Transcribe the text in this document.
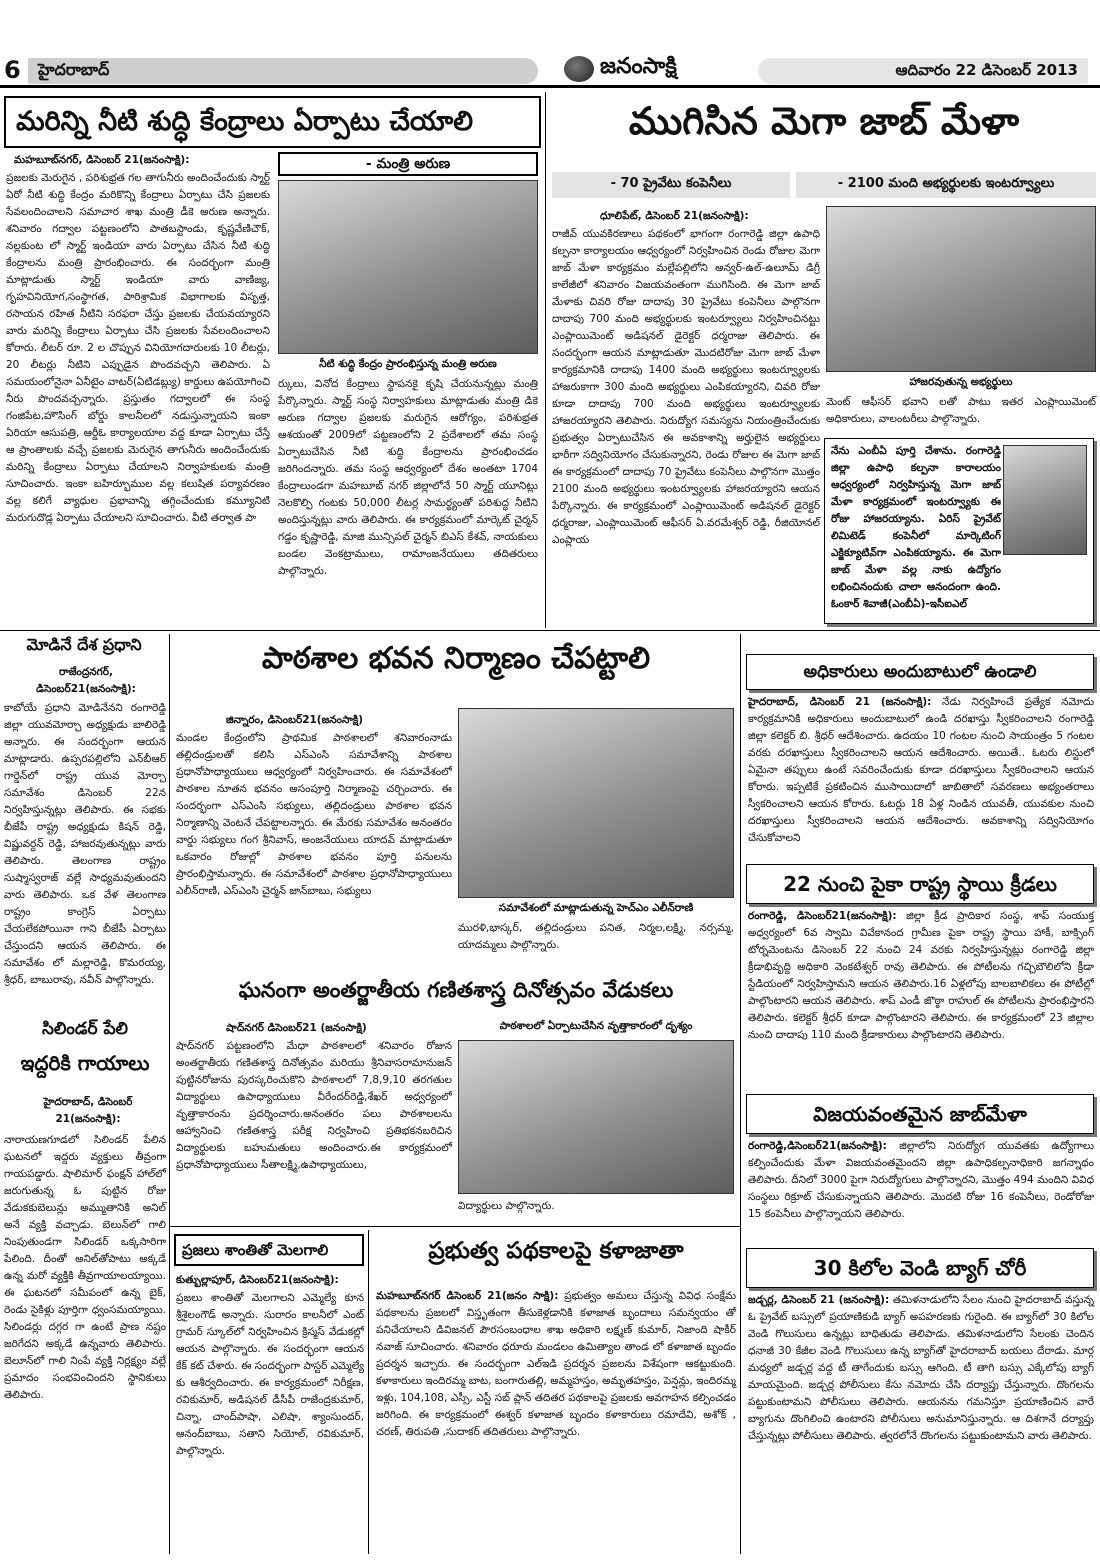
6	హైదరాబాద్	జనంసాక్షి	ఆదివారం 22 డిసెంబర్ 2013
మరిన్ని నీటి శుద్ధి కేంద్రాలు ఏర్పాటు చేయాలి
మహబూబ్‌నగర్, డిసెంబర్ 21(జనంసాక్షి):
ప్రజలకు మెరుగైన , పరిశుభ్రత గల తాగునీరు అందించేందుకు స్మార్ట్ ఏరో నీటి శుద్ధి కేంద్రం మరికొన్ని కేంద్రాలు ఏర్పాటు చేసి ప్రజలకు సేవలందించాలని సమాచార శాఖ మంత్రి డీకె అరుణ అన్నారు. శనివారం గద్వాల పట్టణంలోని పాతబస్టాండు, కృష్ణవేణిచౌక్, నల్లకుంట లో స్మార్ట్ ఇండియా వారు ఏర్పాటు చేసిన నీటి శుద్ధి కేంద్రాలను మంత్రి ప్రారంభించారు. ఈ సందర్భంగా మంత్రి మాట్లాడుతు స్మార్ట్ ఇండియా వారు వాణిజ్య, గృహవినియోగ,సంస్థాగత, పారిశ్రామిక విభాగాలకు విసృత్త, రసాయన రహిత నీటిని సరఫరా చేస్తు ప్రజలకు చేయవయ్యారని వారు మరిన్ని కేంద్రాలు ఏర్పాటు చేసి ప్రజలకు సేవలందించాలని కోరారు. లీటర్ రూ. 2 ల చొప్పున వినియోగదారులకు 10 లీటర్లు, 20 లీటర్లు నీటిని ఎప్పుడైన పొందవచ్చని తెలిపారు. ఏ సమయంలోనైనా ఏనీటైం వాటర్(ఏటిడబ్ల్యు) కార్డులు ఉపయోగించి నీరు పొందవచ్చన్నారు. ప్రస్తుతం గద్వాలలో ఈ సంస్థ గంజిపేట,హౌసింగ్ బోర్డు కాలనీలలో నడుస్తున్నాయని ఇంకా ఏరియా ఆసుపత్రి, ఆర్డీఓ కార్యాలయాల వద్ద కూడా ఏర్పాటు చేస్తే ఆ ప్రాంతాలకు వచ్చే ప్రజలకు మెరుగైన తాగునీరు అందించేందుకు మరిన్ని కేంద్రాలు ఏర్పాటు చేయాలని నిర్వాహకులకు మంత్రి సూచించారు. ఇంకా బహిర్భూముల వల్ల కలుషిత పర్యావరణం వల్ల కలిగే వ్యాధుల ప్రభావాన్ని తగ్గించేందుకు కమ్యూనిటి మరుగుదొడ్ల ఏర్పాటు చేయాలని సూచించారు. వీటి తర్వాత పా
- మంత్రి అరుణ
నీటి శుద్ధి కేంద్రం ప్రారంభిస్తున్న మంత్రి అరుణ
ర్కులు, వినోద కేంద్రాలు స్థాపనకై కృషి చేయనున్నట్లు మంత్రి పేర్కొన్నారు. స్మార్ట్ సంస్థ నిర్వాహకులు మాట్లాడుతు మంత్రి డికె అరుణ గద్వాల ప్రజలకు మరుగైన ఆరోగ్యం, పరిశుభ్రత ఆశయంతో 2009లో పట్టణంలోని 2 ప్రదేశాలలో తమ సంస్థ ఏర్పాటుచేసిన నీటి శుద్ధి కేంద్రాలను ప్రారంభించడం జరిగిందన్నారు. తమ సంస్థ ఆధ్వర్యంలో దేశం అంతటా 1704 కేంద్రాలుండగా మహబూబ్ నగర్ జిల్లాలోనే 50 స్మార్ట్ యూనిట్లు నెలకొల్పి గంటకు 50,000 లీటర్ల సామర్థ్యంతో పరిశుద్ధ నీటిని అందిస్తున్నట్లు వారు తెలిపారు. ఈ కార్యక్రమంలో మార్కెట్ చైర్మన్ గడ్డం కృష్ణారెడ్డి, మాజి మున్సిపల్ చైర్మన్ బిఎస్ కేశవ్, నాయకులు బండల వెంకట్రాములు, రామాంజనేయులు తదితరులు పాల్గొన్నారు.
ముగిసిన మెగా జాబ్ మేళా
- 70 ప్రైవేటు కంపెనీలు	- 2100 మంది అభ్యర్థులకు ఇంటర్వ్యూలు
ధూలిపేట్, డిసెంబర్ 21(జనంసాక్షి):
రాజీవ్ యువకిరణాలు పథకంలో భాగంగా రంగారెడ్డి జిల్లా ఉపాధి కల్పనా కార్యాలయం ఆధ్వర్యంలో నిర్వహించిన రెండు రోజుల మెగా జాబ్ మేళా కార్యక్రమం మల్లేపల్లిలోని అన్వర్-ఉల్-ఉలూమ్ డిగ్రీ కాలేజీలో శనివారం విజయవంతంగా ముగిసింది. ఈ మెగా జాబ్ మేళాకు చివరి రోజు దాదాపు 30 ప్రైవేటు కంపెనీలు పాల్గొనగా దాదాపు 700 మంది అభ్యర్థులకు ఇంటర్వ్యూలు నిర్వహించినట్టు ఎంప్లాయిమెంట్ అడిషనల్ డైరెక్టర్ ధర్మరాజు తెలిపారు. ఈ సందర్భంగా ఆయన మాట్లాడుతూ మొదటిరోజు మెగా జాబ్ మేళా కార్యక్రమానికి దాదాపు 1400 మంది అభ్యర్థులు ఇంటర్వ్యూలకు హాజరుకాగా 300 మంది అభ్యర్థులు ఎంపికయ్యారని, చివరి రోజు కూడా దాదాపు 700 మంది అభ్యర్థులు ఇంటర్వ్యూలకు హాజరయ్యారని తెలిపారు. నిరుద్యోగ సమస్యను నియంత్రించేందుకు ప్రభుత్వం ఏర్పాటుచేసిన ఈ అవకాశాన్ని అర్హులైన అభ్యర్థులు భారీగా సద్వినియోగం చేసుకున్నారని, రెండు రోజుల ఈ మెగా జాబ్ ఈ కార్యక్రమంలో దాదాపు 70 ప్రైవేటు కంపెనీలు పాల్గొనగా మొత్తం 2100 మంది అభ్యర్థులు ఇంటర్వ్యూలకు హాజరయ్యారని ఆయన పేర్కొన్నారు. ఈ కార్యక్రమంలో ఎంప్లాయిమెంట్ అడిషనల్ డైరెక్టర్ ధర్మరాజు, ఎంప్లాయిమెంట్ ఆఫీసర్ ఏ.వరమేశ్వర్ రెడ్డి, రీజియోనల్ ఎంప్లాయ
హాజరవుతున్న అభ్యర్థులు
మెంట్ ఆఫీసర్ భవాని లతో పాటు ఇతర ఎంప్లాయిమెంట్ అధికారులు, వాలంటరీలు పాల్గొన్నారు.
నేను ఎంబీఏ పూర్తి చేశాను. రంగారెడ్డి జిల్లా ఉపాధి కల్పనా కారాలయం ఆధ్వర్యంలో నిర్వహిస్తున్న మెగా జాబ్ మేళా కార్యక్రమంలో ఇంటర్వ్యూకు ఈ రోజు హాజరయ్యాను. ఏరిస్ ప్రైవేట్ లిమిటెడ్ కంపెనీలో మార్కెటింగ్ ఎక్జిక్యూటివ్‌గా ఎంపికయ్యాను. ఈ మెగా జాబ్ మేళా వల్ల నాకు ఉద్యోగం లభించినందుకు చాలా ఆనందంగా ఉంది. ఓంకార్ శివాజీ(ఎంబీఏ)-ఇసీఐఎల్
మోడినే దేశ ప్రధాని
రాజేంద్రనగర్, డిసెంబర్21(జనంసాక్షి):
కాబోయే ప్రధాని మోడినేనని రంగారెడ్డి జిల్లా యువమోర్చా అధ్యక్షుడు బాలిరెడ్డి అన్నారు. ఈ సందర్భంగా ఆయన మాట్లాడారు. ఉప్పరపల్లిలోని ఎన్‌బీఆర్ గార్డెన్‌లో రాష్ట్ర యువ మోర్చా సమావేశం డిసెంబర్ 22న నిర్వహిస్తున్నట్లు తెలిపారు. ఈ సభకు బీజేపీ రాష్ట్ర అధ్యక్షుడు కిషన్ రెడ్డి, విష్ణువర్ధన్ రెడ్డి, హాజరవుతున్నట్లు వారు తెలిపారు. తెలంగాణ రాష్ట్రం సుష్మాస్వరాజ్ వల్లే సాధ్యమవుతుందని వారు తెలిపారు. ఒక వేళ తెలంగాణ రాష్ట్రం కాంగ్రెస్ ఏర్పాటు చేయలేకపోయినా గాని బీజేపీ ఏర్పాటు చేస్తుందని ఆయన తెలిపారు. ఈ సమావేశం లో మల్లారెడ్డి, కొమరయ్య, శ్రీధర్, బాబురావు, నవీన్ పాల్గొన్నారు.
సిలిండర్ పేలి
ఇద్దరికి గాయాలు
హైదరాబాద్, డిసెంబర్ 21(జనంసాక్షి):
నారాయణగూడలో సిలిండర్ పేలిన ఘటనలో ఇద్దరు వ్యక్తులు తీవ్రంగా గాయపడ్డారు. షాలిమార్ ఫంక్షన్ హాల్‌లో జరుగుతున్న ఓ పుట్టిన రోజు వేడుకకుబెలున్లు అమ్ముతానికి అనిల్ అనే వ్యక్తి వచ్చాడు. బెలున్‌లో గాలి నింపుతుండగా సిలిండర్ ఒక్కసారిగా పేలింది. దీంతో అనిల్‌తోపాటు అక్కడే ఉన్న మరో వ్యక్తికి తీవ్రగాయాలయ్యాయి. ఈ ఘటనలో సమీపంలో ఉన్న బైక్, రెండు సైకిళ్లు పూర్తిగా ధ్వంసమయ్యాయి. సిలిండర్లు దగ్గర గా ఉంటే ప్రాణ నష్టం జరిగేదని అక్కడే ఉన్నవారు తెలిపారు. బెలూన్‌లో గాలి నింపే వ్యక్తి నిర్లక్ష్యం వల్లే ప్రమాదం సంభవించిందని స్థానికులు తెలిపారు.
పాఠశాల భవన నిర్మాణం చేపట్టాలి
జిన్నారం, డిసెంబర్21(జనంసాక్షి)
మండల కేంద్రంలోని ప్రాథమిక పాఠశాలలో శనివారంనాడు తల్లిదండ్రులతో కలిసి ఎస్ఎంసి సమావేశాన్ని పాఠశాల ప్రధానోపాధ్యాయులు ఆధ్వర్యంలో నిర్వహించారు. ఈ సమావేశంలో పాఠశాల నూతన భవనం అసంపూర్తి నిర్మాణంపై చర్చించారు. ఈ సందర్భంగా ఎస్ఎంసి సభ్యులు, తల్లిదండ్రులు పాఠశాల భవన నిర్మాణాన్ని వెంటనే చేపట్టాలన్నారు. ఈ మేరకు సమావేశం అనంతరం వార్డు సభ్యులు గంగ శ్రీనివాస్, అంజనేయులు యాదవ్ మాట్లాడుతూ ఒకవారం రోజుల్లో పాఠశాల భవనం పూర్తి పనులను ప్రారంభిస్తామన్నారు. ఈ సమావేశంలో పాఠశాల ప్రధానోపాధ్యాయులు ఎలీన్‌రాణి, ఎస్ఎంసి చైర్మన్ జాన్‌బాబు, సభ్యులు
సమావేశంలో మాట్లాడుతున్న హెచ్ఎం ఎలీన్‌రాణి
మురళి,భాస్కర్, తల్లిదండ్రులు పనిత, నిర్మల,లక్ష్మి, నర్సమ్మ, యాదమ్మలు పాల్గొన్నారు.
ఘనంగా అంతర్జాతీయ గణితశాస్త్ర దినోత్సవం వేడుకలు
షాద్‌నగర్ డిసెంబర్21 (జనంసాక్షి)
షాద్‌నగర్ పట్టణంలోని మేధా పాఠశాలలో శనివారం రోజున అంతర్జాతీయ గణితశాస్త్ర దినోత్సవం మరియు శ్రీనివాసరామానుజన్ పుట్టినరోజును పురస్కరించుకొని పాఠశాలలో 7,8,9,10 తరగతుల విద్యార్థులు ఉపాధ్యాయులు వీరేందర్‌రెడ్డి,శేఖర్ అధ్వర్యంలో వృత్తాకారంను ప్రదర్శించారు.అనంతరం పలు పాఠశాలలను ఆహ్వానించి గణితశాస్త్ర పరీక్ష నిర్వహించి ప్రతిభకనబరిచిన విద్యార్థులకు బహుమతులు అందించారు.ఈ కార్యక్రమంలో ప్రధానోపాధ్యాయులు సీతాలక్ష్మి,ఉపాధ్యాయులు,
పాఠశాలలో ఏర్పాటుచేసిన వృత్తాకారంలో దృశ్యం
విద్యార్థులు పాల్గొన్నారు.
ప్రజలు శాంతితో మెలగాలి
కుత్బుల్లాపూర్, డిసెంబర్21(జనంసాక్షి):
ప్రజలు శాంతితో మెలగాలని ఎమ్మెల్యే కూన శ్రీశైలంగౌడ్ అన్నారు. సురారం కాలనీలో ఎంట్ గ్రామర్ స్కూల్‌లో నిర్వహించిన క్రిస్మస్ వేడుకల్లో ఆయన పాల్గొన్నారు. ఈ సందర్భంగా ఆయన కేక్ కట్ చేశారు. ఈ సందర్భంగా పాస్టర్ ఎమ్మెల్యే కు ఆశీర్వదించారు. ఈ కార్యక్రమంలో నిరీక్షణ, రవికుమార్, అడిషనల్ డీసీపీ రాజేంద్రకుమార్, చిన్నా, చాంద్‌పాషా, ఎలిషా, శ్యాంసుందర్, ఆనంద్‌బాబు, సతాని సియోల్, రవికుమార్, పాల్గొన్నారు.
ప్రభుత్వ పథకాలపై కళాజాతా
మహబూబ్‌నగర్ డిసెంబర్ 21(జనం సాక్షి): ప్రభుత్వం అమలు చేస్తున్న వివిధ సంక్షేమ పథకాలను ప్రజలలో విస్తృతంగా తీసుకెళ్లడానికి కళాజాత బృందాలు సమన్వయం తో పనిచేయాలని డివిజనల్ పౌరసంబంధాల శాఖ అధికారి లక్ష్మణ్ కుమార్, నిజాంది షాకీర్ నవాజ్ సూచించారు. శనివారం ధరూరు మండలం ఉమిత్యాల తాండ లో కళాజాత బృందం ప్రదర్శన ఇచ్చారు. ఈ సందర్భంగా ఎల్ఇడి ప్రదర్శన ప్రజలను విశేషంగా ఆకట్టుకుంది. కళాకారులు ఇందిరమ్మ బాట, బంగారుతల్లి, అమ్మహస్తం, అమృతహస్తం, పెన్షన్లు, ఇందిరమ్మ ఇళ్లు, 104,108, ఎస్సీ, ఎస్టీ సబ్ ప్లాన్ తదితర పథకాలపై ప్రజలకు అవగాహన కల్పించడం జరిగింది. ఈ కార్యక్రమంలో ఈశ్వర్ కళాజాత బృందం కళాకారులు రమాదేవి, అశోక్ , చరణ్, తిరుపతి ,సుదాకర్ తదితరులు పాల్గొన్నారు.
అధికారులు అందుబాటులో ఉండాలి
హైదరాబాద్, డిసెంబర్ 21 (జనంసాక్షి): నేడు నిర్వహించే ప్రత్యేక నమోదు కార్యక్రమానికి అధికారులు అందుబాటులో ఉండి దరఖాస్తు స్వీకరించాలని రంగారెడ్డి జిల్లా కలెక్టర్ బి. శ్రీధర్ ఆదేశించారు. ఉదయం 10 గంటల నుంచి సాయంత్రం 5 గంటల వరకు దరఖాస్తులు స్వీకరించాలని ఆయన ఆదేశించారు. అయితే.. ఓటరు లిస్టులో ఏమైనా తప్పులు ఉంటే సవరించేందుకు కూడా దరఖాస్తులు స్వీకరించాలని ఆయన కోరారు. ఇప్పటికే ప్రకటించిన ముసాయిదాలో జాబితాలో సవరణలు అభ్యంతరాలు స్వీకరించాలని ఆయన కోరారు. ఓటర్లు 18 ఏళ్ల నిండిన యువతీ, యువకుల నుంచి దరఖాస్తులు స్వీకరించాలని ఆయన ఆదేశించారు. అవకాశాన్ని సద్వినియోగం చేసుకోవాలని
22 నుంచి పైకా రాష్ట్ర స్థాయి క్రీడలు
రంగారెడ్డి, డిసెంబర్21(జనంసాక్షి): జిల్లా క్రీడ ప్రాదికార సంస్థ, శాప్ సంయుక్త అధ్వర్యంలో 6వ స్వామి వివేకానంద గ్రామీణ పైకా రాష్ట్ర స్థాయి హాకీ, బాక్సింగ్ టోర్నమెంటను డిసెంబర్ 22 నుంచి 24 వరకు నిర్వహిస్తున్నట్లు రంగారెడ్డి జిల్లా క్రీడాభివృద్ది అధికారి వెంకటేశ్వర్ రావు తెలిపారు. ఈ పోటీలను గచ్చిబౌలిలోని క్రీడా స్టేడియంలో నిర్వహిస్తామని ఆయన తెలిపారు.16 ఏళ్లలోపు బాలబాలికలు ఈ పోటీల్లో పాల్గొంటారని ఆయన తెలిపారు. శాప్ ఎండీ జొఠ్ఠా రాహుల్ ఈ పోటీలను ప్రారంభిస్తారని తెలిపారు. కలెక్టర్ శ్రీధర్ కూడా పాల్గొంటారని తెలిపారు. ఈ కార్యక్రమంలో 23 జిల్లాల నుంచి దాదాపు 110 మంది క్రీడాకారులు పాల్గొంటారని తెలిపారు.
విజయవంతమైన జాబ్‌మేళా
రంగారెడ్డి,డిసెంబర్21(జనంసాక్షి): జిల్లాలోని నిరుద్యోగ యువతకు ఉద్యోగాలు కల్పించేందుకు మేళా విజయవంతమైందని జిల్లా ఉపాధికల్పనాధికారి జగన్నాథం తెలిపారు. దీనిలో 3000 పైగా నిరుద్యోగులు పాల్గొన్నారని, మొత్తం 494 మందిని వివిధ సంస్థలు రిక్రూట్ చేసుకున్నాయని తెలిపారు. మొదటి రోజు 16 కంపెనీలు, రెండోరోజు 15 కంపెనీలు పాల్గొన్నాయని తెలిపారు.
30 కిలోల వెండి బ్యాగ్ చోరీ
జడ్చర్ల, డిసెంబర్ 21 (జనంసాక్షి): తమిళనాడులోని సేలం నుంచి హైదరాబాద్ వస్తున్న ఓ ప్రైవేట్ బస్సులో ప్రయాణికుడి బ్యాగ్ అపహరణకు గురైంది. ఈ బ్యాగ్‌లో 30 కిలోల వెండి గొలుసులు ఉన్నట్లు బాధితుడు తెలిపాడు. తమిళనాడులోని సేలంకు చెందిన ధనాజీ 30 కేజీల వెండి గొలుసులు ఉన్న బ్యాగ్‌తో హైదరాబాద్ బయలు దేరాడు. మార్గ మధ్యలో జడ్చర్ల వద్ద టీ తాగేందుకు బస్సు ఆగింది. టీ తాగి బస్సు ఎక్కేలోపు బ్యాగ్ మాయమైంది. జడ్చర్ల పోలీసులు కేసు నమోదు చేసి దర్యాప్తు చేస్తున్నారు. దొంగలను పట్టుకుంటామని పోలీసులు తెలిపారు. ఆయనను గమనిస్తూ ప్రయాణించిన వారే బ్యాగును దొంగిలించి ఉంటారని పోలీసులు అనుమానిస్తున్నారు. ఆ దిశగానే దర్యాప్తు చేస్తున్నట్లు పోలీసులు తెలిపారు. త్వరలోనే దొంగలను పట్టుకుంటామని వారు తెలిపారు.
